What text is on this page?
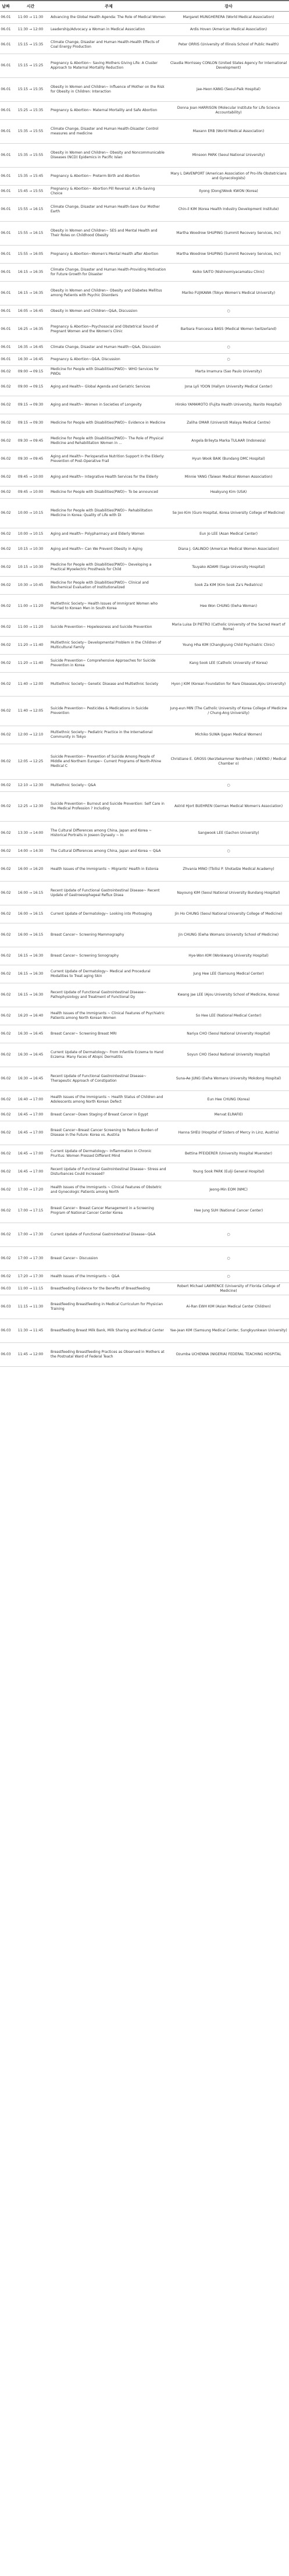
날짜	시간	주제	강사
06.01	11:00 → 11:30	Advancing the Global Health Agenda: The Role of Medical Women	Margaret MUNGHERERA (World Medical Association)
06.01	11:30 → 12:00	Leadership/Advocacy a Woman in Medical Association	Ardis Hoven (American Medical Association)
06.01	15:15 → 15:35	Climate Change, Disaster and Human Health-Health Effects of Coal Energy Production	Peter ORRIS (University of Illinois School of Public Health)
06.01	15:15 → 15:25	Pregnancy & Abortion~ Saving Mothers Giving Life: A Cluster Approach to Maternal Mortality Reduction	Claudia Morrissey CONLON (United States Agency for International Development)
06.01	15:15 → 15:35	Obesity in Women and Children~ Influence of Mother on the Risk for Obesity in Children: Interaction	Jae-Heon KANG (Seoul-Paik Hospital)
06.01	15:25 → 15:35	Pregnancy & Abortion~ Maternal Mortality and Safe Abortion	Donna Joan HARRISON (Molecular Institute for Life Science Accountability)
06.01	15:35 → 15:55	Climate Change, Disaster and Human Health-Disaster Control measures and medicine	Maxann ERB (World Medical Association)
06.01	15:35 → 15:55	Obesity in Women and Children~ Obesity and Noncommunicable Diseases (NCD) Epidemics in Pacific Islan	Minsoon PARK (Seoul National University)
06.01	15:35 → 15:45	Pregnancy & Abortion~ Preterm Birth and Abortion	Mary L DAVENPORT (American Association of Pro-life Obstetricians and Gynecologists)
06.01	15:45 → 15:55	Pregnancy & Abortion~ Abortion Pill Reversal: A Life-Saving Choice	Ilyong (Dong)Wook KWON (Korea)
06.01	15:55 → 16:15	Climate Change, Disaster and Human Health-Save Our Mother Earth	Chin-il KIM (Korea Health Industry Development Institute)
06.01	15:55 → 16:15	Obesity in Women and Children~ SES and Mental Health and Their Roles on Childhood Obesity	Martha Woodrow SHUPING (Summit Recovery Services, Inc)
06.01	15:55 → 16:05	Pregnancy & Abortion~Women's Mental Health after Abortion	Martha Woodrow SHUPING (Summit Recovery Services, Inc)
06.01	16:15 → 16:35	Climate Change, Disaster and Human Health-Providing Motivation for Future Growth for Disaster	Keiko SAITO (Nishinomiyacamatsu Clinic)
06.01	16:15 → 16:35	Obesity in Women and Children~ Obesity and Diabetes Mellitus among Patients with Psychic Disorders	Mariko FUJIKAWA (Tokyo Women's Medical University)
06.01	16:05 → 16:45	Obesity in Women and Children~Q&A, Discussion	○
06.01	16:25 → 16:35	Pregnancy & Abortion~Psychosocial and Obstetrical Sound of Pregnant Women and the Women's Clinic	Barbara Francesca BASS (Medical Women Switzerland)
06.01	16:35 → 16:45	Climate Change, Disaster and Human Health~Q&A, Discussion	○
06.01	16:30 → 16:45	Pregnancy & Abortion~Q&A, Discussion	○
06.02	09:00 → 09:15	Medicine for People with Disabilities(PWD)~ WHO Services for PWDs	Marta Imamura (Sao Paulo University)
06.02	09:00 → 09:15	Aging and Health~ Global Agenda and Geriatric Services	Jona Lyli YOON (Hallym University Medical Center)
06.02	09:15 → 09:30	Aging and Health~ Women in Societies of Longevity	Hiroko YAMAMOTO (Fujita Health University, Nanito Hospital)
06.02	09:15 → 09:30	Medicine for People with Disabilities(PWD)~ Evidence in Medicine	Zaliha OMAR (Universiti Malaya Medical Centre)
06.02	09:30 → 09:45	Medicine for People with Disabilities(PWD)~ The Role of Physical Medicine and Rehabilitation Women in ...	Angela Brileyta Marka TULAAR (Indonesia)
06.02	09:30 → 09:45	Aging and Health~ Perioperative Nutrition Support in the Elderly: Prevention of Post-Operative Frail	Hyun Wook BAIK (Bundang DMC Hospital)
06.02	09:45 → 10:00	Aging and Health~ Integrative Health Services for the Elderly	Minnie YANG (Taiwan Medical Women Association)
06.02	09:45 → 10:00	Medicine for People with Disabilities(PWD)~ To be announced	Heakyung Kim (USA)
06.02	10:00 → 10:15	Medicine for People with Disabilities(PWD)~ Rehabilitation Medicine in Korea: Quality of Life with Di	Se Joo Kim (Guro Hospital, Korea University College of Medicine)
06.02	10:00 → 10:15	Aging and Health~ Polypharmacy and Elderly Women	Eun Jo LEE (Asan Medical Center)
06.02	10:15 → 10:30	Aging and Health~ Can We Prevent Obesity in Aging	Diana J. GALINDO (American Medical Women Association)
06.02	10:15 → 10:30	Medicine for People with Disabilities(PWD)~ Developing a Practical Myoelectric Prosthesis for Child	Tsuyako ADAMI (Saga University Hospital)
06.02	10:30 → 10:45	Medicine for People with Disabilities(PWD)~ Clinical and Biochemical Evaluation of Institutionalized	Sook Za KIM (Kim Sook Za's Pediatrics)
06.02	11:00 → 11:20	Multiethnic Society~ Health Issues of Immigrant Women who Married to Korean Men in South Korea	Hee Won CHUNG (Ewha Woman)
06.02	11:00 → 11:20	Suicide Prevention~ Hopelessness and Suicide Prevention	Maria Luisa DI PIETRO (Catholic University of the Sacred Heart of Rome)
06.02	11:20 → 11:40	Multiethnic Society~ Developmental Problem in the Children of Multicultural Family	Young Hha KIM (Changkyung Child Psychiatric Clinic)
06.02	11:20 → 11:40	Suicide Prevention~ Comprehensive Approaches for Suicide Prevention in Korea	Kang Sook LEE (Catholic University of Korea)
06.02	11:40 → 12:00	Multiethnic Society~ Genetic Disease and Multiethnic Society	Hyon J KIM (Korean Foundation for Rare Diseases,Ajou University)
06.02	11:40 → 12:05	Suicide Prevention~ Pesticides & Medications in Suicide Prevention	Jung-eun MIN (The Catholic University of Korea College of Medicine / Chung-Ang University)
06.02	12:00 → 12:10	Multiethnic Society~ Pediatric Practice in the International Community in Tokyo	Michiko SUWA (Japan Medical Women)
06.02	12:05 → 12:25	Suicide Prevention~ Prevention of Suicide Among People of Middle and Northern Europe~ Current Programs of North-Rhine Medical C	Christiane E. GROSS (Aerztekammer Nordrhein / IAEKNO / Medical Chamber o)
06.02	12:10 → 12:30	Multiethnic Society~ Q&A	○
06.02	12:25 → 12:30	Suicide Prevention~ Burnout and Suicide Prevention: Self Care in the Medical Profession ? Including	Astrid Hjort BUEHREN (German Medical Women's Association)
06.02	13:30 → 14:00	The Cultural Differences among China, Japan and Korea ~ Historical Portraits in Joseon Dynasty ~ In	Sangwook LEE (Gachon University)
06.02	14:00 → 14:30	The Cultural Differences among China, Japan and Korea ~ Q&A	○
06.02	16:00 → 16:20	Health Issues of the Immigrants ~ Migrants' Health in Estonia	Zhvania MINO (Tbilisi P. Shotadze Medical Academy)
06.02	16:00 → 16:15	Recent Update of Functional Gastrointestinal Disease~ Recent Update of Gastroesophageal Reflux Disea	Nayoung KIM (Seoul National University Bundang Hospital)
06.02	16:00 → 16:15	Current Update of Dermatology~ Looking into Photoaging	Jin Ho CHUNG (Seoul National University College of Medicine)
06.02	16:00 → 16:15	Breast Cancer~ Screening Mammography	Jin CHUNG (Ewha Womans University School of Medicine)
06.02	16:15 → 16:30	Breast Cancer~ Screening Sonography	Hye-Won KIM (Wonkwang University Hospital)
06.02	16:15 → 16:30	Current Update of Dermatology~ Medical and Procedural Modalities to Treat aging Skin	Jung Hee LEE (Samsung Medical Center)
06.02	16:15 → 16:30	Recent Update of Functional Gastrointestinal Disease~ Pathophysiology and Treatment of Functional Dy	Kwang Jae LEE (Ajou University School of Medicine, Korea)
06.02	16:20 → 16:40	Health Issues of the Immigrants ~ Clinical Features of Psychiatric Patients among North Korean Women	So Hee LEE (National Medical Center)
06.02	16:30 → 16:45	Breast Cancer~ Screening Breast MRI	Nariya CHO (Seoul National University Hospital)
06.02	16:30 → 16:45	Current Update of Dermatology~ From Infantile Eczema to Hand Eczema: Many Faces of Atopic Dermatitis	Soyun CHO (Seoul National University Hospital)
06.02	16:30 → 16:45	Recent Update of Functional Gastrointestinal Disease~ Therapeutic Approach of Constipation	Suna-Ae JUNG (Ewha Womans University Mokdong Hospital)
06.02	16:40 → 17:00	Health Issues of the Immigrants ~ Health Status of Children and Adolescents among North Korean Defect	Eun Hee CHUNG (Korea)
06.02	16:45 → 17:00	Breast Cancer~Down Staging of Breast Cancer in Egypt	Mervat ELRAFIEI
06.02	16:45 → 17:00	Breast Cancer~Breast Cancer Screening to Reduce Burden of Disease in the Future: Korea vs. Austria	Hanna SHEU (Hospital of Sisters of Mercy in Linz, Austria)
06.02	16:45 → 17:00	Current Update of Dermatology~ Inflammation in Chronic Pruritus: Women Pressed Different Mind	Bettina PFEIDERER (University Hospital Muenster)
06.02	16:45 → 17:00	Recent Update of Functional Gastrointestinal Disease~ Stress and Disturbances Could Increased?	Young Sook PARK (Eulji General Hospital)
06.02	17:00 → 17:20	Health Issues of the Immigrants ~ Clinical Features of Obstetric and Gynecologic Patients among North	Jeong-Min EOM (NMC)
06.02	17:00 → 17:15	Breast Cancer~ Breast Cancer Management in a Screening Program of National Cancer Center Korea	Hee Jung SUH (National Cancer Center)
06.02	17:00 → 17:30	Current Update of Functional Gastrointestinal Disease~Q&A	○
06.02	17:00 → 17:30	Breast Cancer~ Discussion	○
06.02	17:20 → 17:30	Health Issues of the Immigrants ~ Q&A	○
06.03	11:00 → 11:15	Breastfeeding Evidence for the Benefits of Breastfeeding	Robert Michael LAWRENCE (University of Florida College of Medicine)
06.03	11:15 → 11:30	Breastfeeding Breastfeeding in Medical Curriculum for Physician Training	Ai-Ran EWH KIM (Asian Medical Center Children)
06.03	11:30 → 11:45	Breastfeeding Breast Milk Bank, Milk Sharing and Medical Center	Yae-Jean KIM (Samsung Medical Center, Sungkyunkwan University)
06.03	11:45 → 12:00	Breastfeeding Breastfeeding Practices as Observed in Mothers at the Postnatal Ward of Federal Teach	Ozumba UCHENNA (NIGERIA) FEDERAL TEACHING HOSPITAL
